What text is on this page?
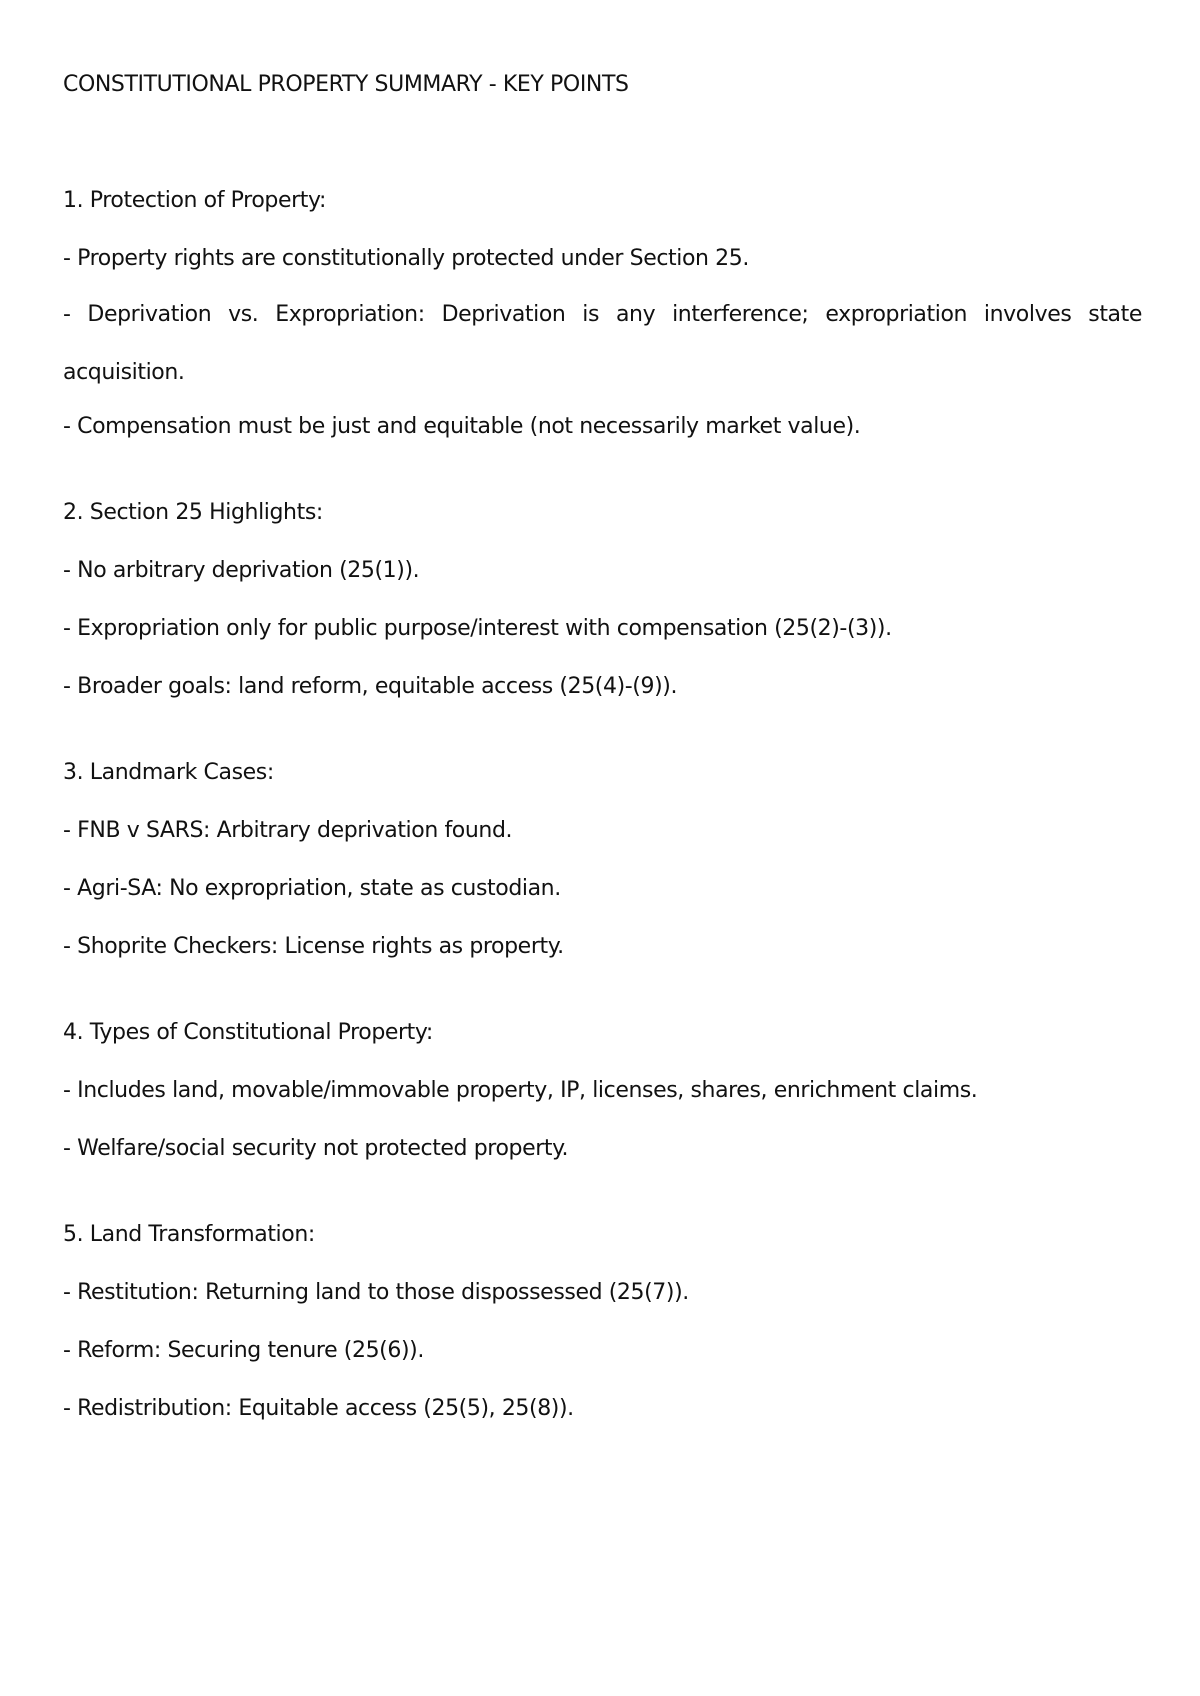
CONSTITUTIONAL PROPERTY SUMMARY - KEY POINTS
1. Protection of Property:
- Property rights are constitutionally protected under Section 25.
- Deprivation vs. Expropriation: Deprivation is any interference; expropriation involves state acquisition.
- Compensation must be just and equitable (not necessarily market value).
2. Section 25 Highlights:
- No arbitrary deprivation (25(1)).
- Expropriation only for public purpose/interest with compensation (25(2)-(3)).
- Broader goals: land reform, equitable access (25(4)-(9)).
3. Landmark Cases:
- FNB v SARS: Arbitrary deprivation found.
- Agri-SA: No expropriation, state as custodian.
- Shoprite Checkers: License rights as property.
4. Types of Constitutional Property:
- Includes land, movable/immovable property, IP, licenses, shares, enrichment claims.
- Welfare/social security not protected property.
5. Land Transformation:
- Restitution: Returning land to those dispossessed (25(7)).
- Reform: Securing tenure (25(6)).
- Redistribution: Equitable access (25(5), 25(8)).
